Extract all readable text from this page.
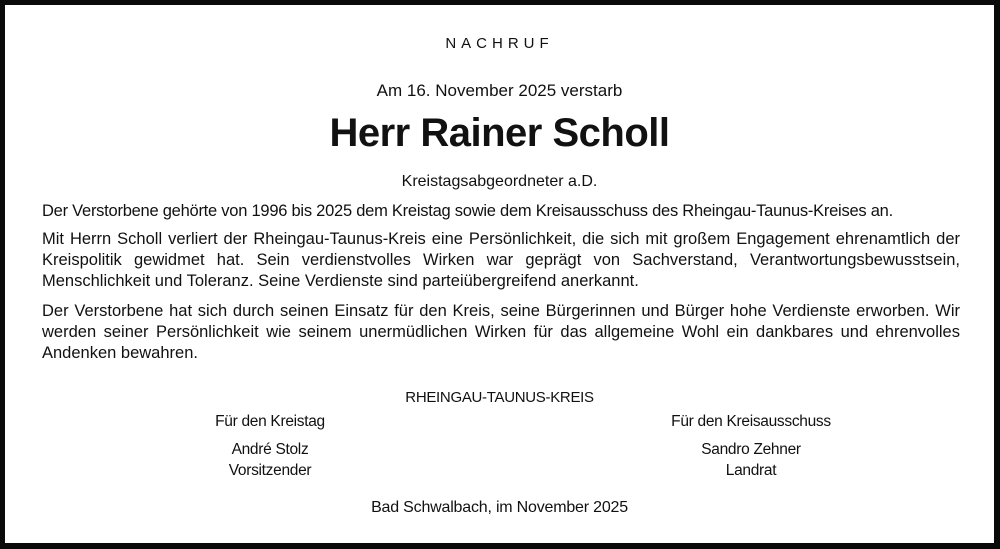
NACHRUF
Am 16. November 2025 verstarb
Herr Rainer Scholl
Kreistagsabgeordneter a.D.
Der Verstorbene gehörte von 1996 bis 2025 dem Kreistag sowie dem Kreisausschuss des Rheingau-Taunus-Kreises an.
Mit Herrn Scholl verliert der Rheingau-Taunus-Kreis eine Persönlichkeit, die sich mit großem Engagement ehrenamtlich der Kreispolitik gewidmet hat. Sein verdienstvolles Wirken war geprägt von Sachverstand, Verantwortungsbewusstsein, Menschlichkeit und Toleranz. Seine Verdienste sind parteiübergreifend anerkannt.
Der Verstorbene hat sich durch seinen Einsatz für den Kreis, seine Bürgerinnen und Bürger hohe Verdienste erworben. Wir werden seiner Persönlichkeit wie seinem unermüdlichen Wirken für das allgemeine Wohl ein dankbares und ehrenvolles Andenken bewahren.
RHEINGAU-TAUNUS-KREIS
Für den Kreistag
André Stolz
Vorsitzender
Für den Kreisausschuss
Sandro Zehner
Landrat
Bad Schwalbach, im November 2025
